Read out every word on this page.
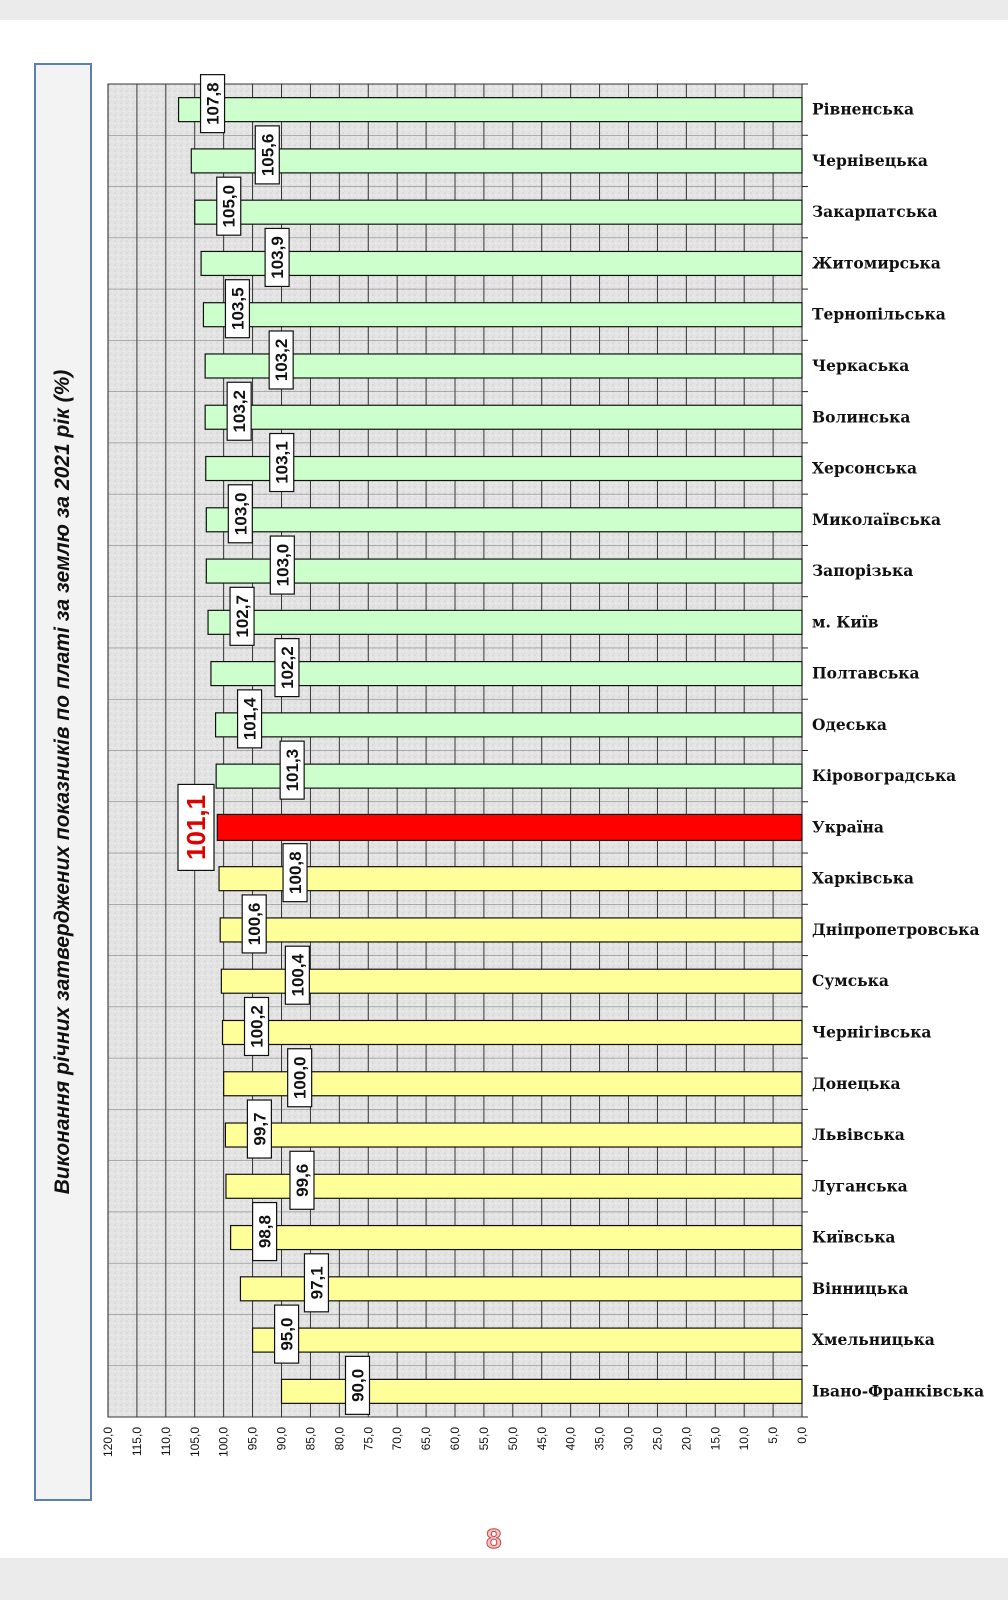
Виконання річних затверджених показників по платі за землю за 2021 рік (%)
120,0 115,0 110,0 105,0 100,0 95,0 90,0 85,0 80,0 75,0 70,0 65,0 60,0 55,0 50,0 45,0 40,0 35,0 30,0 25,0 20,0 15,0 10,0 5,0 0,0
Рівненська
Чернівецька
Закарпатська
Житомирська
Тернопільська
Черкаська
Волинська
Херсонська
Миколаївська
Запорізька
м. Київ
Полтавська
Одеська
Кіровоградська
Україна
Харківська
Дніпропетровська
Сумська
Чернігівська
Донецька
Львівська
Луганська
Київська
Вінницька
Хмельницька
Івано-Франківська
107,8
105,6
105,0
103,9
103,5
103,2
103,2
103,1
103,0
103,0
102,7
102,2
101,4
101,3
101,1
100,8
100,6
100,4
100,2
100,0
99,7
99,6
98,8
97,1
95,0
90,0
8
